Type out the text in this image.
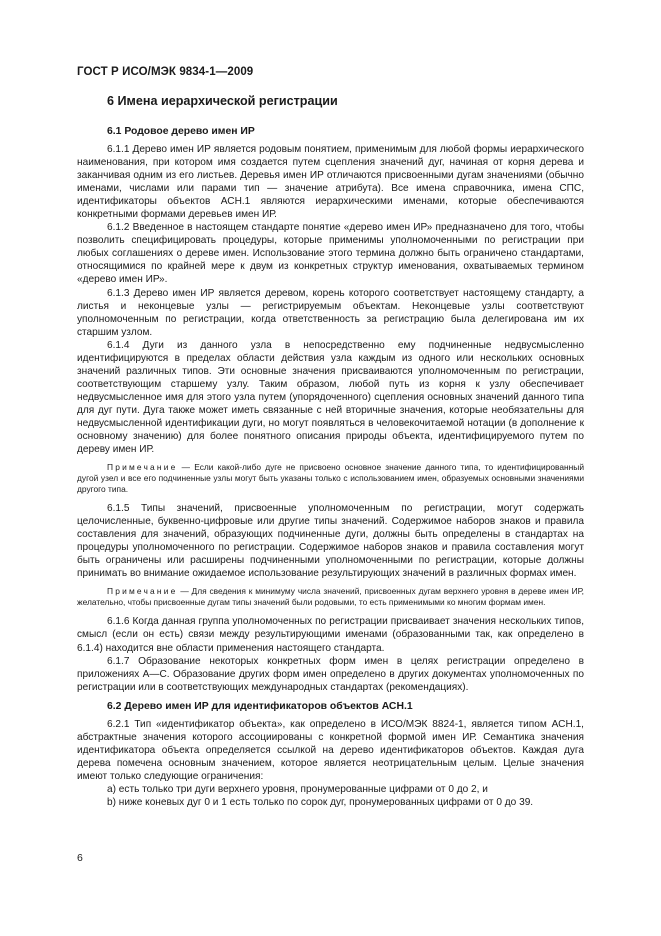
ГОСТ Р ИСО/МЭК 9834-1—2009
6 Имена иерархической регистрации
6.1 Родовое дерево имен ИР

6.1.1 Дерево имен ИР является родовым понятием, применимым для любой формы иерархического наименования, при котором имя создается путем сцепления значений дуг, начиная от корня дерева и заканчивая одним из его листьев. Деревья имен ИР отличаются присвоенными дугам значениями (обычно именами, числами или парами тип — значение атрибута). Все имена справочника, имена СПС, идентификаторы объектов АСН.1 являются иерархическими именами, которые обеспечиваются конкретными формами деревьев имен ИР.

6.1.2 Введенное в настоящем стандарте понятие «дерево имен ИР» предназначено для того, чтобы позволить специфицировать процедуры, которые применимы уполномоченными по регистрации при любых соглашениях о дереве имен. Использование этого термина должно быть ограничено стандартами, относящимися по крайней мере к двум из конкретных структур именования, охватываемых термином «дерево имен ИР».

6.1.3 Дерево имен ИР является деревом, корень которого соответствует настоящему стандарту, а листья и неконцевые узлы — регистрируемым объектам. Неконцевые узлы соответствуют уполномоченным по регистрации, когда ответственность за регистрацию была делегирована им их старшим узлом.

6.1.4 Дуги из данного узла в непосредственно ему подчиненные недвусмысленно идентифицируются в пределах области действия узла каждым из одного или нескольких основных значений различных типов. Эти основные значения присваиваются уполномоченным по регистрации, соответствующим старшему узлу. Таким образом, любой путь из корня к узлу обеспечивает недвусмысленное имя для этого узла путем (упорядоченного) сцепления основных значений данного типа для дуг пути. Дуга также может иметь связанные с ней вторичные значения, которые необязательны для недвусмысленной идентификации дуги, но могут появляться в человекочитаемой нотации (в дополнение к основному значению) для более понятного описания природы объекта, идентифицируемого путем по дереву имен ИР.

Примечание — Если какой-либо дуге не присвоено основное значение данного типа, то идентифицированный дугой узел и все его подчиненные узлы могут быть указаны только с использованием имен, образуемых основными значениями другого типа.

6.1.5 Типы значений, присвоенные уполномоченным по регистрации, могут содержать целочисленные, буквенно-цифровые или другие типы значений. Содержимое наборов знаков и правила составления для значений, образующих подчиненные дуги, должны быть определены в стандартах на процедуры уполномоченного по регистрации. Содержимое наборов знаков и правила составления могут быть ограничены или расширены подчиненными уполномоченными по регистрации, которые должны принимать во внимание ожидаемое использование результирующих значений в различных формах имен.

Примечание — Для сведения к минимуму числа значений, присвоенных дугам верхнего уровня в дереве имен ИР, желательно, чтобы присвоенные дугам типы значений были родовыми, то есть применимыми ко многим формам имен.

6.1.6 Когда данная группа уполномоченных по регистрации присваивает значения нескольких типов, смысл (если он есть) связи между результирующими именами (образованными так, как определено в 6.1.4) находится вне области применения настоящего стандарта.

6.1.7 Образование некоторых конкретных форм имен в целях регистрации определено в приложениях А—С. Образование других форм имен определено в других документах уполномоченных по регистрации или в соответствующих международных стандартах (рекомендациях).

6.2 Дерево имен ИР для идентификаторов объектов АСН.1

6.2.1 Тип «идентификатор объекта», как определено в ИСО/МЭК 8824-1, является типом АСН.1, абстрактные значения которого ассоциированы с конкретной формой имен ИР. Семантика значения идентификатора объекта определяется ссылкой на дерево идентификаторов объектов. Каждая дуга дерева помечена основным значением, которое является неотрицательным целым. Целые значения имеют только следующие ограничения:

a) есть только три дуги верхнего уровня, пронумерованные цифрами от 0 до 2, и
b) ниже коневых дуг 0 и 1 есть только по сорок дуг, пронумерованных цифрами от 0 до 39.
6
